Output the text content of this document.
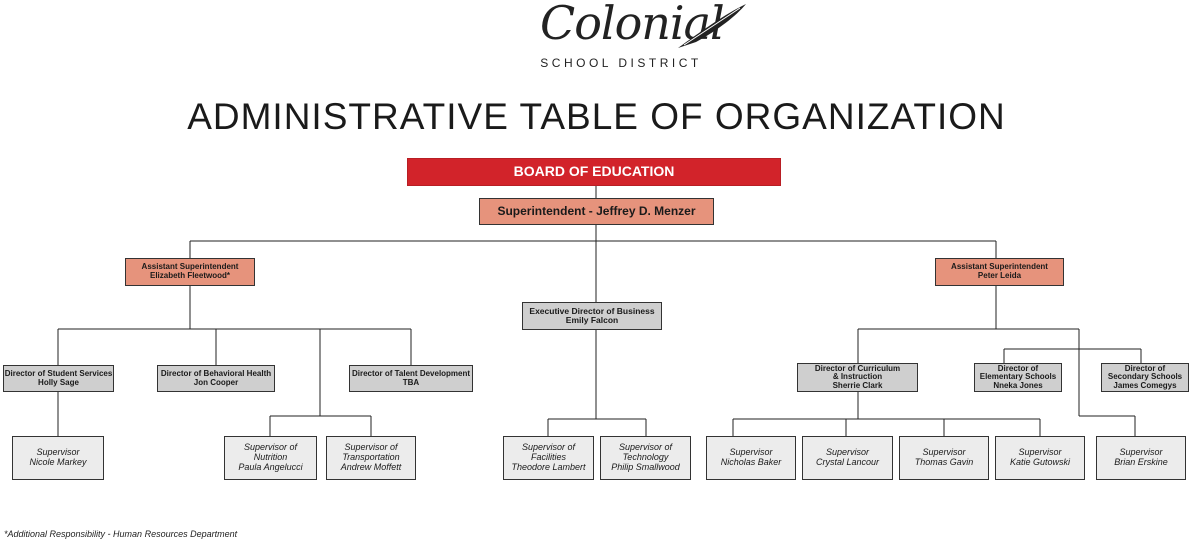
Colonial
SCHOOL DISTRICT
ADMINISTRATIVE TABLE OF ORGANIZATION
BOARD OF EDUCATION
Superintendent - Jeffrey D. Menzer
Assistant Superintendent
Elizabeth Fleetwood*
Assistant Superintendent
Peter Leida
Executive Director of Business
Emily Falcon
Director of Student Services
Holly Sage
Director of Behavioral Health
Jon Cooper
Director of Talent Development
TBA
Director of Curriculum
& Instruction
Sherrie Clark
Director of
Elementary Schools
Nneka Jones
Director of
Secondary Schools
James Comegys
Supervisor
Nicole Markey
Supervisor of
Nutrition
Paula Angelucci
Supervisor of
Transportation
Andrew Moffett
Supervisor of
Facilities
Theodore Lambert
Supervisor of
Technology
Philip Smallwood
Supervisor
Nicholas Baker
Supervisor
Crystal Lancour
Supervisor
Thomas Gavin
Supervisor
Katie Gutowski
Supervisor
Brian Erskine
*Additional Responsibility - Human Resources Department
